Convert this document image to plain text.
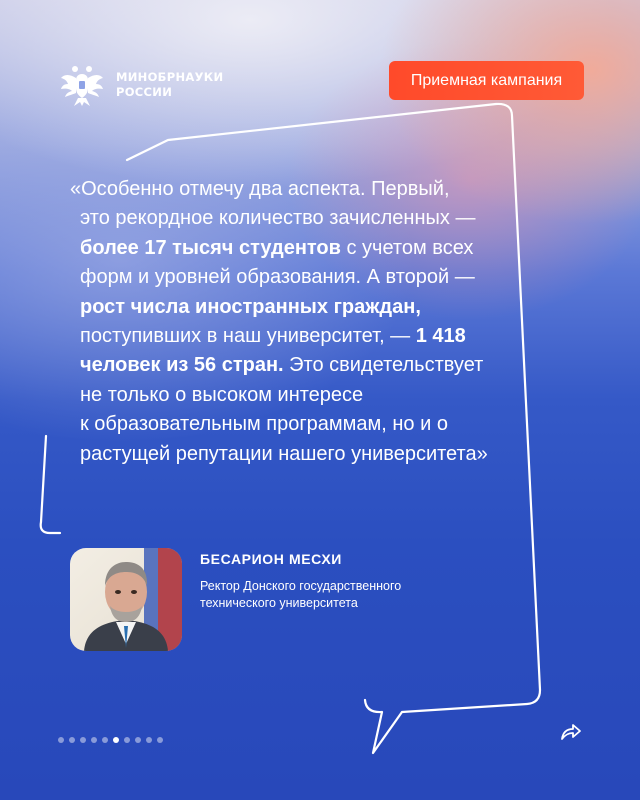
МИНОБРНАУКИ
РОССИИ
Приемная кампания
«Особенно отмечу два аспекта. Первый,
это рекордное количество зачисленных —
более 17 тысяч студентов с учетом всех
форм и уровней образования. А второй —
рост числа иностранных граждан,
поступивших в наш университет, — 1 418
человек из 56 стран. Это свидетельствует
не только о высоком интересе
к образовательным программам, но и о
растущей репутации нашего университета»
БЕСАРИОН МЕСХИ
Ректор Донского государственного
технического университета
